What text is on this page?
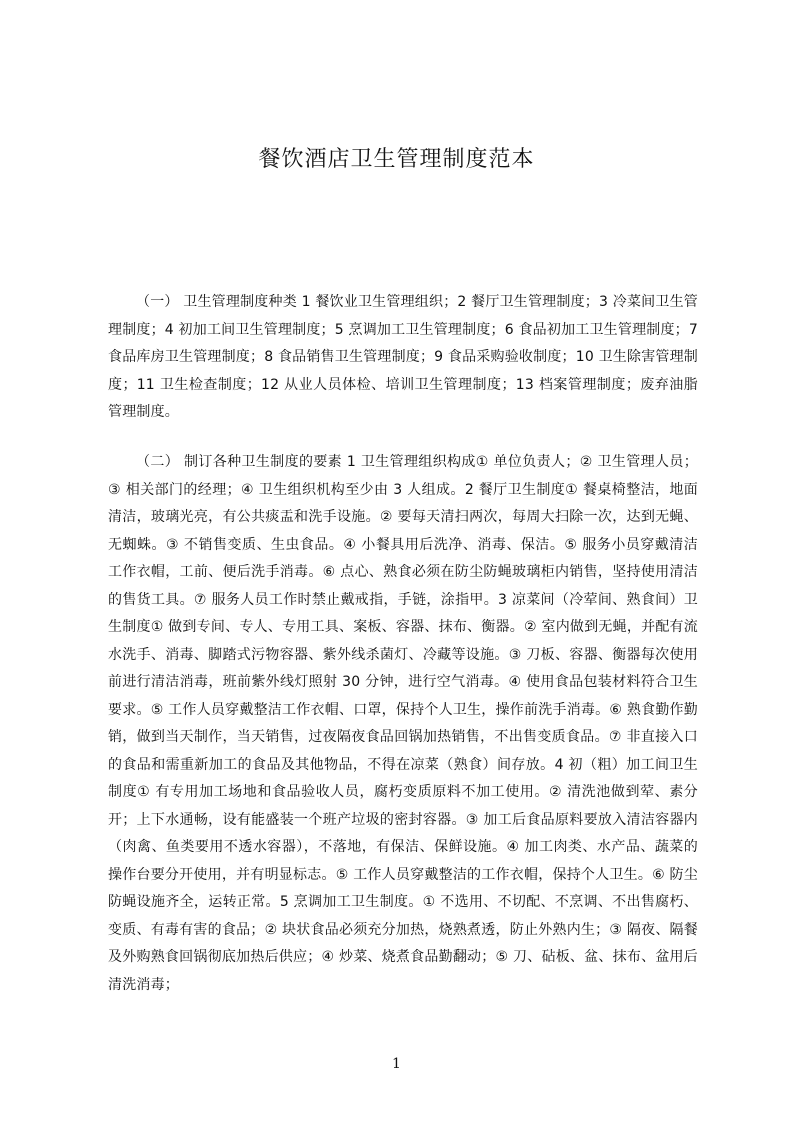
餐饮酒店卫生管理制度范本

（一） 卫生管理制度种类 1 餐饮业卫生管理组织；2 餐厅卫生管理制度；3 冷菜间卫生管理制度；4 初加工间卫生管理制度；5 烹调加工卫生管理制度；6 食品初加工卫生管理制度；7 食品库房卫生管理制度；8 食品销售卫生管理制度；9 食品采购验收制度；10 卫生除害管理制度；11 卫生检查制度；12 从业人员体检、培训卫生管理制度；13 档案管理制度；废弃油脂管理制度。

（二） 制订各种卫生制度的要素 1 卫生管理组织构成① 单位负责人；② 卫生管理人员；③ 相关部门的经理；④ 卫生组织机构至少由 3 人组成。2 餐厅卫生制度① 餐桌椅整洁，地面清洁，玻璃光亮，有公共痰盂和洗手设施。② 要每天清扫两次，每周大扫除一次，达到无蝇、无蜘蛛。③ 不销售变质、生虫食品。④ 小餐具用后洗净、消毒、保洁。⑤ 服务小员穿戴清洁工作衣帽，工前、便后洗手消毒。⑥ 点心、熟食必须在防尘防蝇玻璃柜内销售，坚持使用清洁的售货工具。⑦ 服务人员工作时禁止戴戒指，手链，涂指甲。3 凉菜间（冷荤间、熟食间）卫生制度① 做到专间、专人、专用工具、案板、容器、抹布、衡器。② 室内做到无蝇，并配有流水洗手、消毒、脚踏式污物容器、紫外线杀菌灯、冷藏等设施。③ 刀板、容器、衡器每次使用前进行清洁消毒，班前紫外线灯照射 30 分钟，进行空气消毒。④ 使用食品包装材料符合卫生要求。⑤ 工作人员穿戴整洁工作衣帽、口罩，保持个人卫生，操作前洗手消毒。⑥ 熟食勤作勤销，做到当天制作，当天销售，过夜隔夜食品回锅加热销售，不出售变质食品。⑦ 非直接入口的食品和需重新加工的食品及其他物品，不得在凉菜（熟食）间存放。4 初（粗）加工间卫生制度① 有专用加工场地和食品验收人员，腐朽变质原料不加工使用。② 清洗池做到荤、素分开；上下水通畅，设有能盛装一个班产垃圾的密封容器。③ 加工后食品原料要放入清洁容器内（肉禽、鱼类要用不透水容器），不落地，有保洁、保鲜设施。④ 加工肉类、水产品、蔬菜的操作台要分开使用，并有明显标志。⑤ 工作人员穿戴整洁的工作衣帽，保持个人卫生。⑥ 防尘防蝇设施齐全，运转正常。5 烹调加工卫生制度。① 不选用、不切配、不烹调、不出售腐朽、变质、有毒有害的食品；② 块状食品必须充分加热，烧熟煮透，防止外熟内生；③ 隔夜、隔餐及外购熟食回锅彻底加热后供应；④ 炒菜、烧煮食品勤翻动；⑤ 刀、砧板、盆、抹布、盆用后清洗消毒；

1
